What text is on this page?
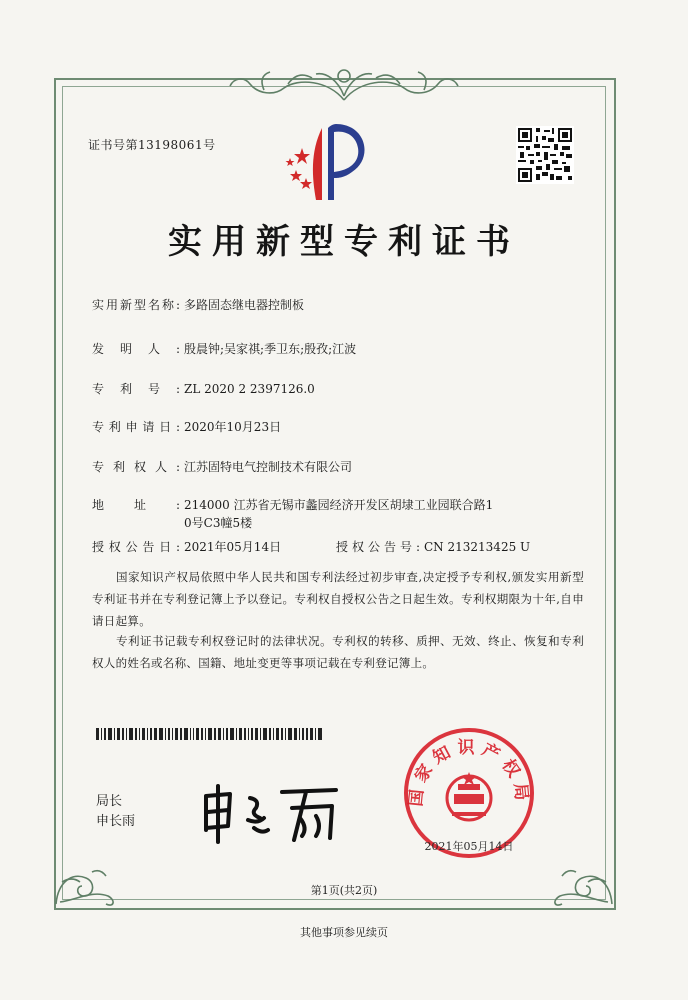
证书号第13198061号
实用新型专利证书
实用新型名称: 多路固态继电器控制板
发明人: 殷晨钟;吴家祺;季卫东;殷孜;江波
专利号: ZL 2020 2 2397126.0
专利申请日: 2020年10月23日
专利权人: 江苏固特电气控制技术有限公司
地址: 214000 江苏省无锡市蠡园经济开发区胡埭工业园联合路1
0号C3幢5楼
授权公告日: 2021年05月14日	授权公告号: CN 213213425 U
国家知识产权局依照中华人民共和国专利法经过初步审查,决定授予专利权,颁发实用新型专利证书并在专利登记簿上予以登记。专利权自授权公告之日起生效。专利权期限为十年,自申请日起算。
专利证书记载专利权登记时的法律状况。专利权的转移、质押、无效、终止、恢复和专利权人的姓名或名称、国籍、地址变更等事项记载在专利登记簿上。
局长
申长雨
国家知识产权局
2021年05月14日
第1页(共2页)
其他事项参见续页
